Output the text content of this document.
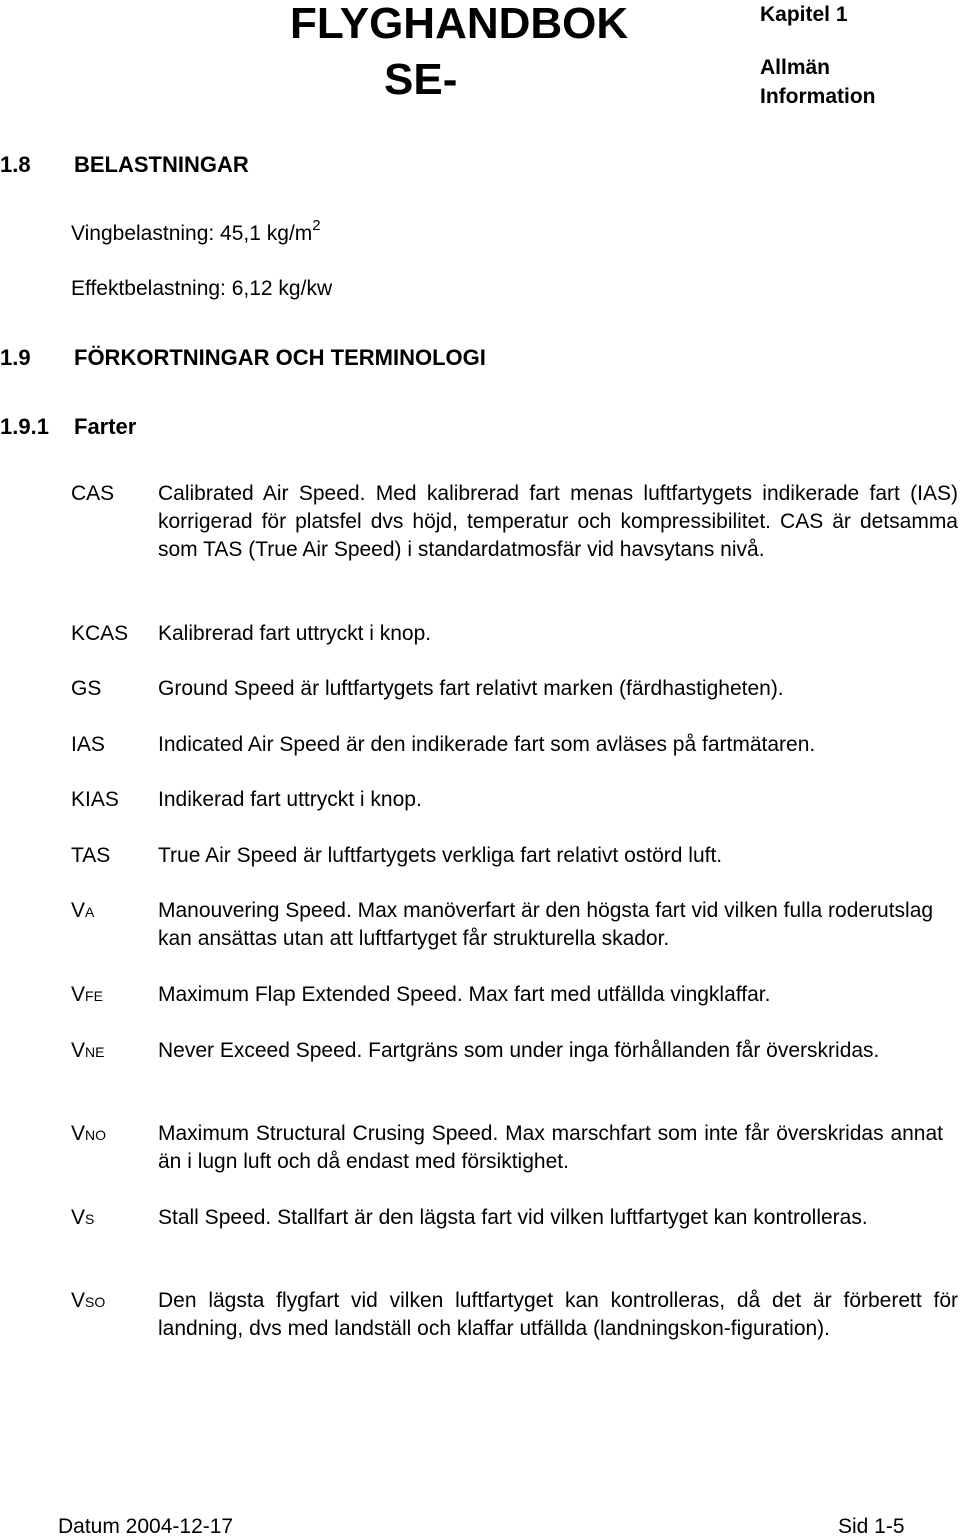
FLYGHANDBOK
SE-
Kapitel 1
Allmän
Information
1.8 BELASTNINGAR
Vingbelastning: 45,1 $kg/m^2$
Effektbelastning: 6,12 kg/kw
1.9 FÖRKORTNINGAR OCH TERMINOLOGI
1.9.1 Farter
CAS Calibrated Air Speed. Med kalibrerad fart menas luftfartygets indikerade fart (IAS) korrigerad för platsfel dvs höjd, temperatur och kompressibilitet. CAS är detsamma som TAS (True Air Speed) i standardatmosfär vid havsytans nivå.
KCAS Kalibrerad fart uttryckt i knop.
GS	Ground Speed är luftfartygets fart relativt marken (färdhastigheten).
IAS	Indicated Air Speed är den indikerade fart som avläses på fartmätaren.
KIAS Indikerad fart uttryckt i knop.
TAS True Air Speed är luftfartygets verkliga fart relativt ostörd luft.
VA	Manouvering Speed. Max manöverfart är den högsta fart vid vilken fulla roderutslag kan ansättas utan att luftfartyget får strukturella skador.
VFE	Maximum Flap Extended Speed. Max fart med utfällda vingklaffar.
VNE	Never Exceed Speed. Fartgräns som under inga förhållanden får överskridas.
VNO Maximum Structural Crusing Speed. Max marschfart som inte får överskridas annat än i lugn luft och då endast med försiktighet.
VS	Stall Speed. Stallfart är den lägsta fart vid vilken luftfartyget kan kontrolleras.
VSO	Den lägsta flygfart vid vilken luftfartyget kan kontrolleras, då det är förberett för landning, dvs med landställ och klaffar utfällda (landningskon-figuration).
Datum 2004-12-17	Sid 1-5
